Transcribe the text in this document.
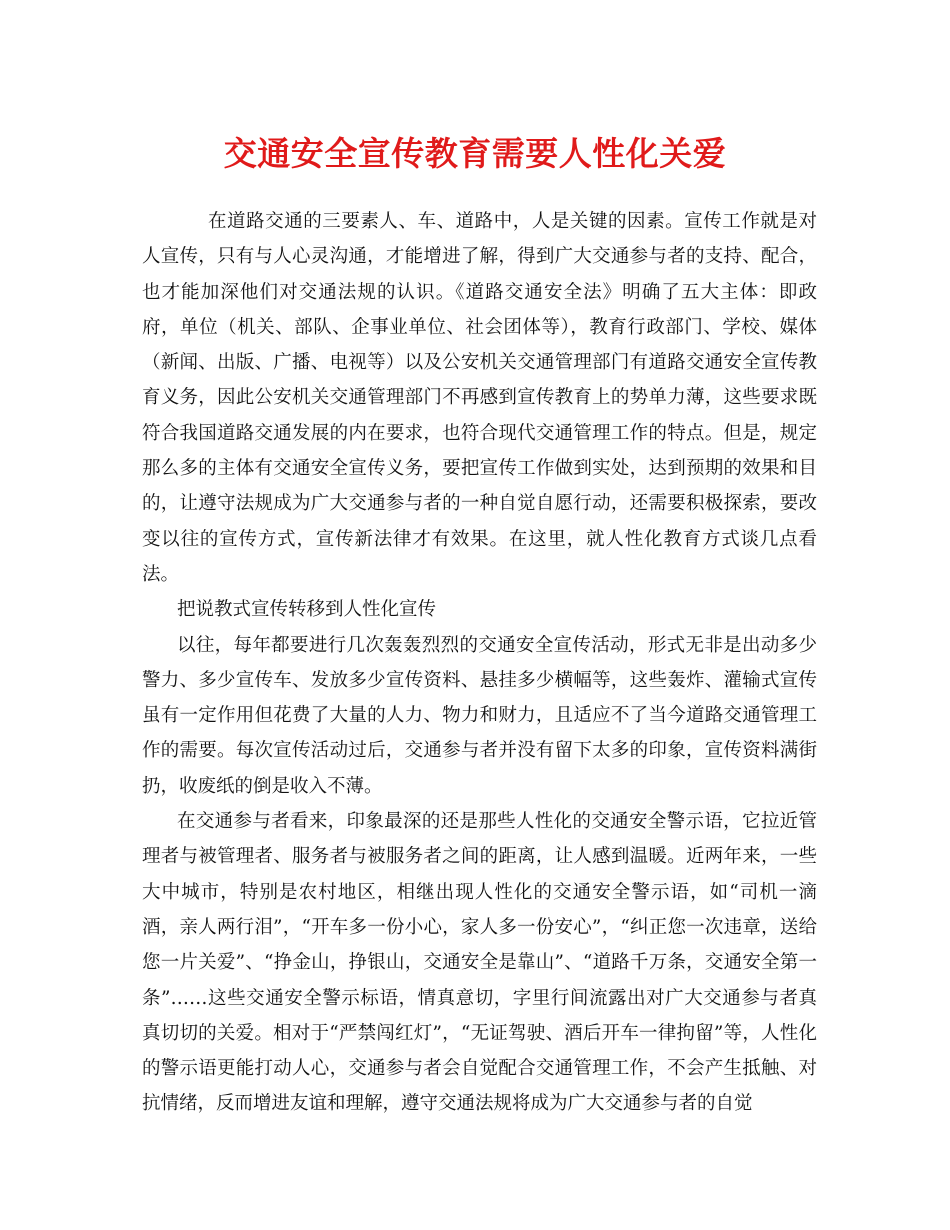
交通安全宣传教育需要人性化关爱

在道路交通的三要素人、车、道路中，人是关键的因素。宣传工作就是对人宣传，只有与人心灵沟通，才能增进了解，得到广大交通参与者的支持、配合，也才能加深他们对交通法规的认识。《道路交通安全法》明确了五大主体：即政府，单位（机关、部队、企事业单位、社会团体等），教育行政部门、学校、媒体（新闻、出版、广播、电视等）以及公安机关交通管理部门有道路交通安全宣传教育义务，因此公安机关交通管理部门不再感到宣传教育上的势单力薄，这些要求既符合我国道路交通发展的内在要求，也符合现代交通管理工作的特点。但是，规定那么多的主体有交通安全宣传义务，要把宣传工作做到实处，达到预期的效果和目的，让遵守法规成为广大交通参与者的一种自觉自愿行动，还需要积极探索，要改变以往的宣传方式，宣传新法律才有效果。在这里，就人性化教育方式谈几点看法。

把说教式宣传转移到人性化宣传

以往，每年都要进行几次轰轰烈烈的交通安全宣传活动，形式无非是出动多少警力、多少宣传车、发放多少宣传资料、悬挂多少横幅等，这些轰炸、灌输式宣传虽有一定作用但花费了大量的人力、物力和财力，且适应不了当今道路交通管理工作的需要。每次宣传活动过后，交通参与者并没有留下太多的印象，宣传资料满街扔，收废纸的倒是收入不薄。

在交通参与者看来，印象最深的还是那些人性化的交通安全警示语，它拉近管理者与被管理者、服务者与被服务者之间的距离，让人感到温暖。近两年来，一些大中城市，特别是农村地区，相继出现人性化的交通安全警示语，如“司机一滴酒，亲人两行泪”，“开车多一份小心，家人多一份安心”，“纠正您一次违章，送给您一片关爱”、“挣金山，挣银山，交通安全是靠山”、“道路千万条，交通安全第一条”……这些交通安全警示标语，情真意切，字里行间流露出对广大交通参与者真真切切的关爱。相对于“严禁闯红灯”，“无证驾驶、酒后开车一律拘留”等，人性化的警示语更能打动人心，交通参与者会自觉配合交通管理工作，不会产生抵触、对抗情绪，反而增进友谊和理解，遵守交通法规将成为广大交通参与者的自觉
